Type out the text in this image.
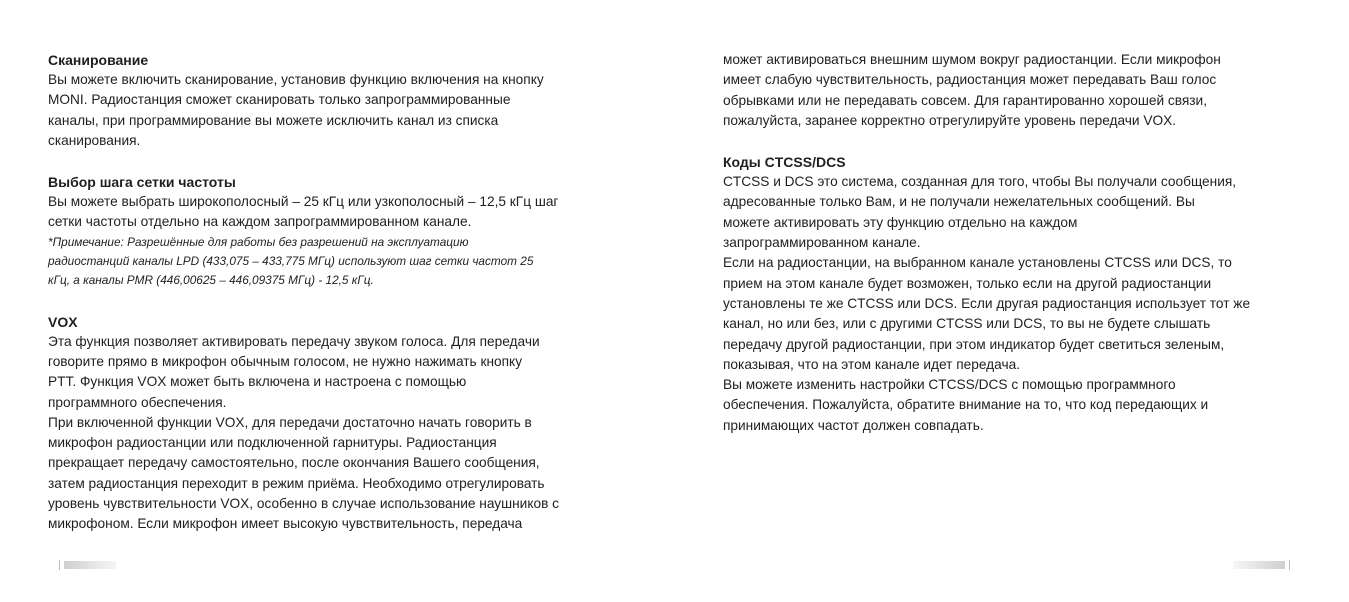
Сканирование
Вы можете включить сканирование, установив функцию включения на кнопку
MONI. Радиостанция сможет сканировать только запрограммированные
каналы, при программирование вы можете исключить канал из списка
сканирования.
Выбор шага сетки частоты
Вы можете выбрать широкополосный – 25 кГц или узкополосный – 12,5 кГц шаг
сетки частоты отдельно на каждом запрограммированном канале.
*Примечание: Разрешённые для работы без разрешений на эксплуатацию
радиостанций каналы LPD (433,075 – 433,775 МГц) используют шаг сетки частот 25
кГц, а каналы PMR (446,00625 – 446,09375 МГц) - 12,5 кГц.
VOX
Эта функция позволяет активировать передачу звуком голоса. Для передачи
говорите прямо в микрофон обычным голосом, не нужно нажимать кнопку
PTT. Функция VOX может быть включена и настроена с помощью
программного обеспечения.
При включенной функции VOX, для передачи достаточно начать говорить в
микрофон радиостанции или подключенной гарнитуры. Радиостанция
прекращает передачу самостоятельно, после окончания Вашего сообщения,
затем радиостанция переходит в режим приёма. Необходимо отрегулировать
уровень чувствительности VOX, особенно в случае использование наушников с
микрофоном. Если микрофон имеет высокую чувствительность, передача
может активироваться внешним шумом вокруг радиостанции. Если микрофон
имеет слабую чувствительность, радиостанция может передавать Ваш голос
обрывками или не передавать совсем. Для гарантированно хорошей связи,
пожалуйста, заранее корректно отрегулируйте уровень передачи VOX.
Коды CTCSS/DCS
CTCSS и DCS это система, созданная для того, чтобы Вы получали сообщения,
адресованные только Вам, и не получали нежелательных сообщений. Вы
можете активировать эту функцию отдельно на каждом
запрограммированном канале.
Если на радиостанции, на выбранном канале установлены CTCSS или DCS, то
прием на этом канале будет возможен, только если на другой радиостанции
установлены те же CTCSS или DCS. Если другая радиостанция использует тот же
канал, но или без, или с другими CTCSS или DCS, то вы не будете слышать
передачу другой радиостанции, при этом индикатор будет светиться зеленым,
показывая, что на этом канале идет передача.
Вы можете изменить настройки CTCSS/DCS с помощью программного
обеспечения. Пожалуйста, обратите внимание на то, что код передающих и
принимающих частот должен совпадать.
